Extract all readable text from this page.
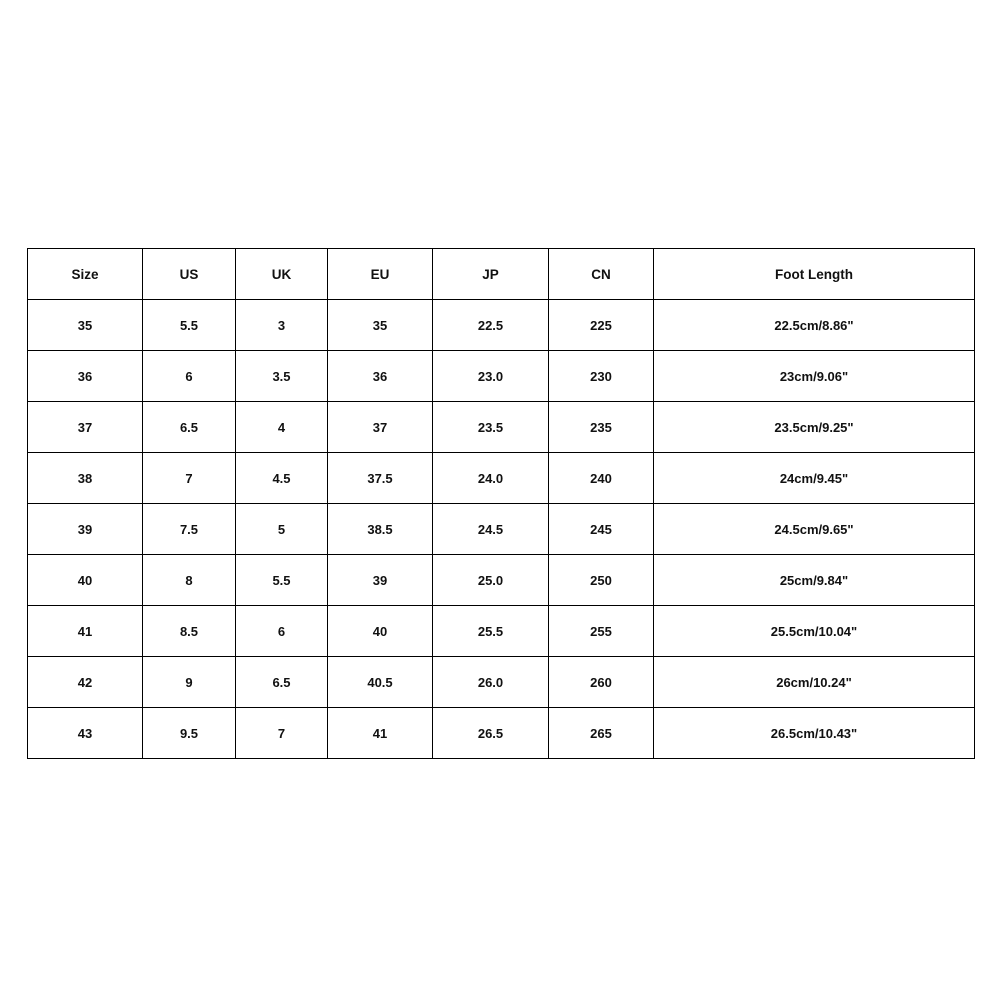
Size	US	UK	EU	JP	CN	Foot Length
35	5.5	3	35	22.5	225	22.5cm/8.86"
36	6	3.5	36	23.0	230	23cm/9.06"
37	6.5	4	37	23.5	235	23.5cm/9.25"
38	7	4.5	37.5	24.0	240	24cm/9.45"
39	7.5	5	38.5	24.5	245	24.5cm/9.65"
40	8	5.5	39	25.0	250	25cm/9.84"
41	8.5	6	40	25.5	255	25.5cm/10.04"
42	9	6.5	40.5	26.0	260	26cm/10.24"
43	9.5	7	41	26.5	265	26.5cm/10.43"
